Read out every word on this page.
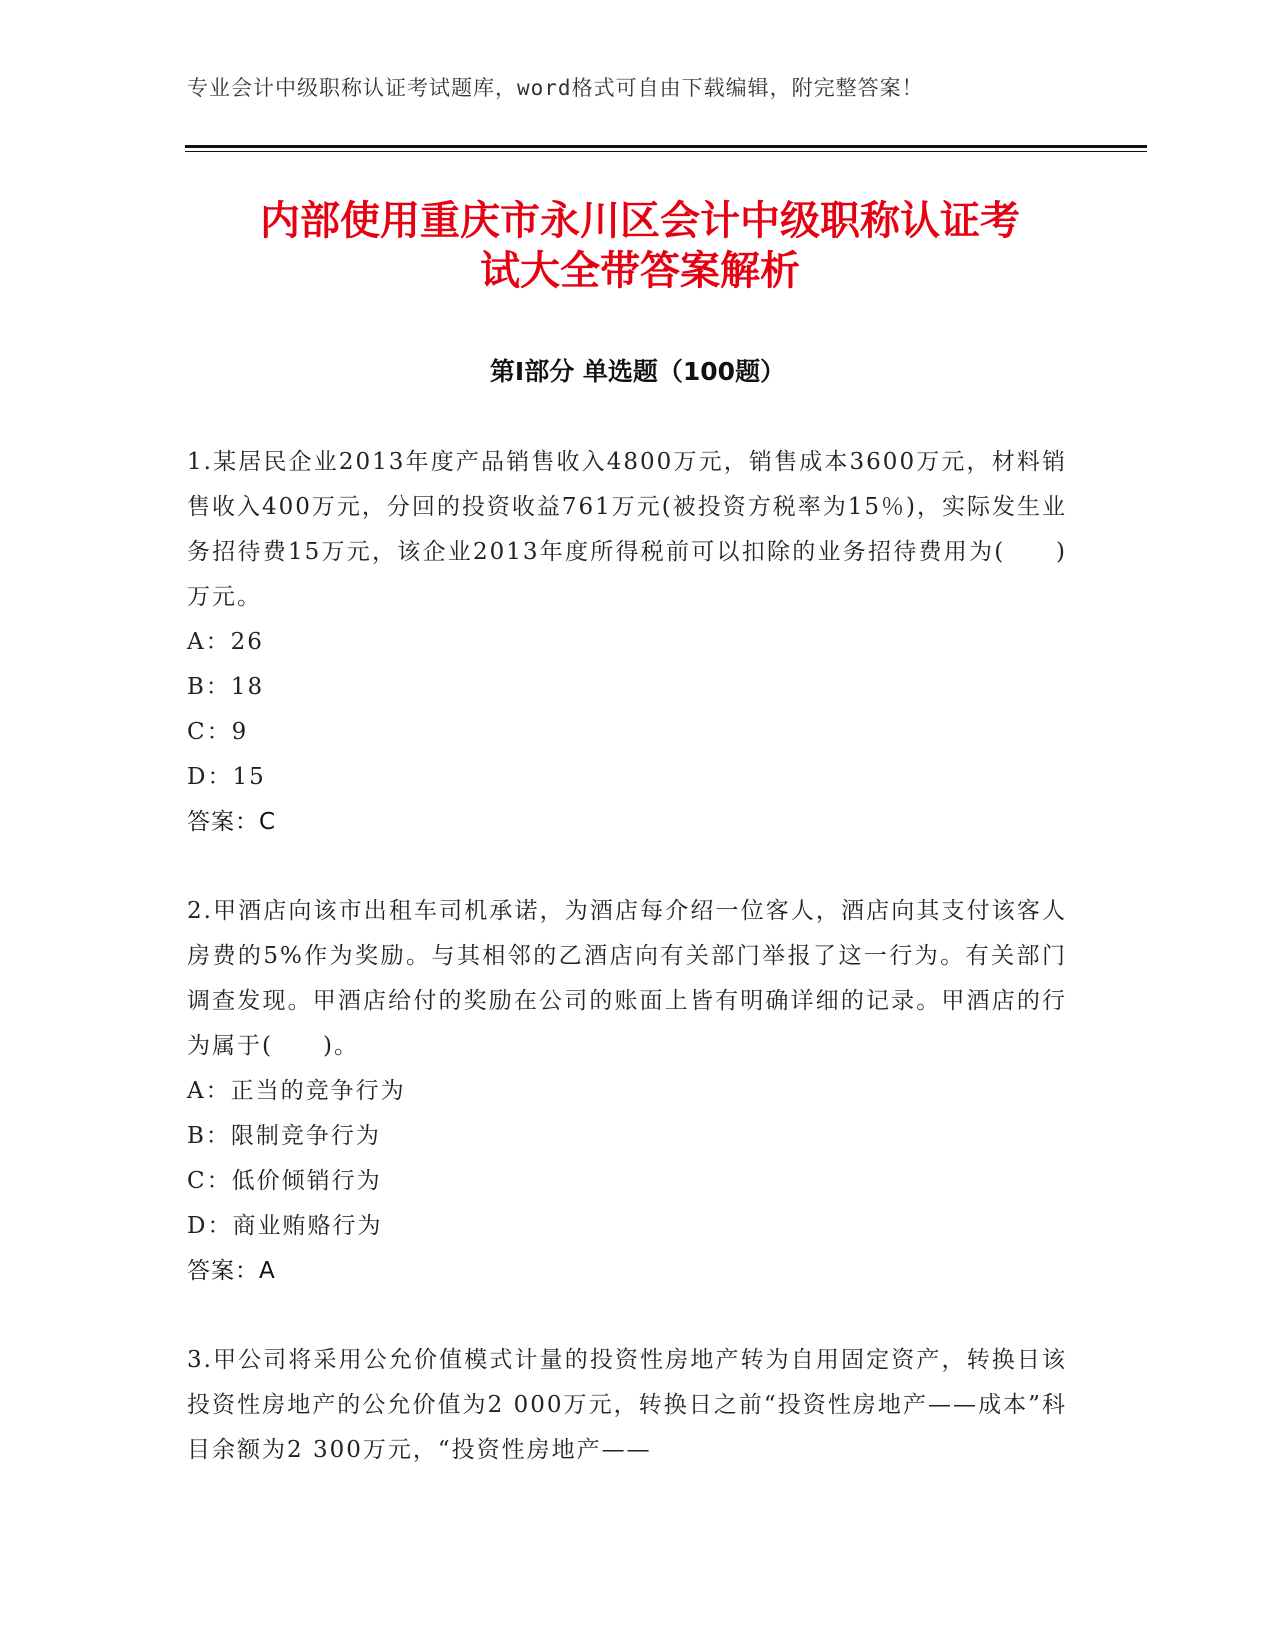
专业会计中级职称认证考试题库，word格式可自由下载编辑，附完整答案！
内部使用重庆市永川区会计中级职称认证考
试大全带答案解析
第Ⅰ部分 单选题（100题）
1.某居民企业2013年度产品销售收入4800万元，销售成本3600万元，材料销售收入400万元，分回的投资收益761万元(被投资方税率为15％)，实际发生业务招待费15万元，该企业2013年度所得税前可以扣除的业务招待费用为(　　)万元。
A：26
B：18
C：9
D：15
答案：C
2.甲酒店向该市出租车司机承诺，为酒店每介绍一位客人，酒店向其支付该客人房费的5%作为奖励。与其相邻的乙酒店向有关部门举报了这一行为。有关部门调查发现。甲酒店给付的奖励在公司的账面上皆有明确详细的记录。甲酒店的行为属于(　　)。
A：正当的竞争行为
B：限制竞争行为
C：低价倾销行为
D：商业贿赂行为
答案：A
3.甲公司将采用公允价值模式计量的投资性房地产转为自用固定资产，转换日该投资性房地产的公允价值为2 000万元，转换日之前“投资性房地产——成本”科目余额为2 300万元，“投资性房地产——
